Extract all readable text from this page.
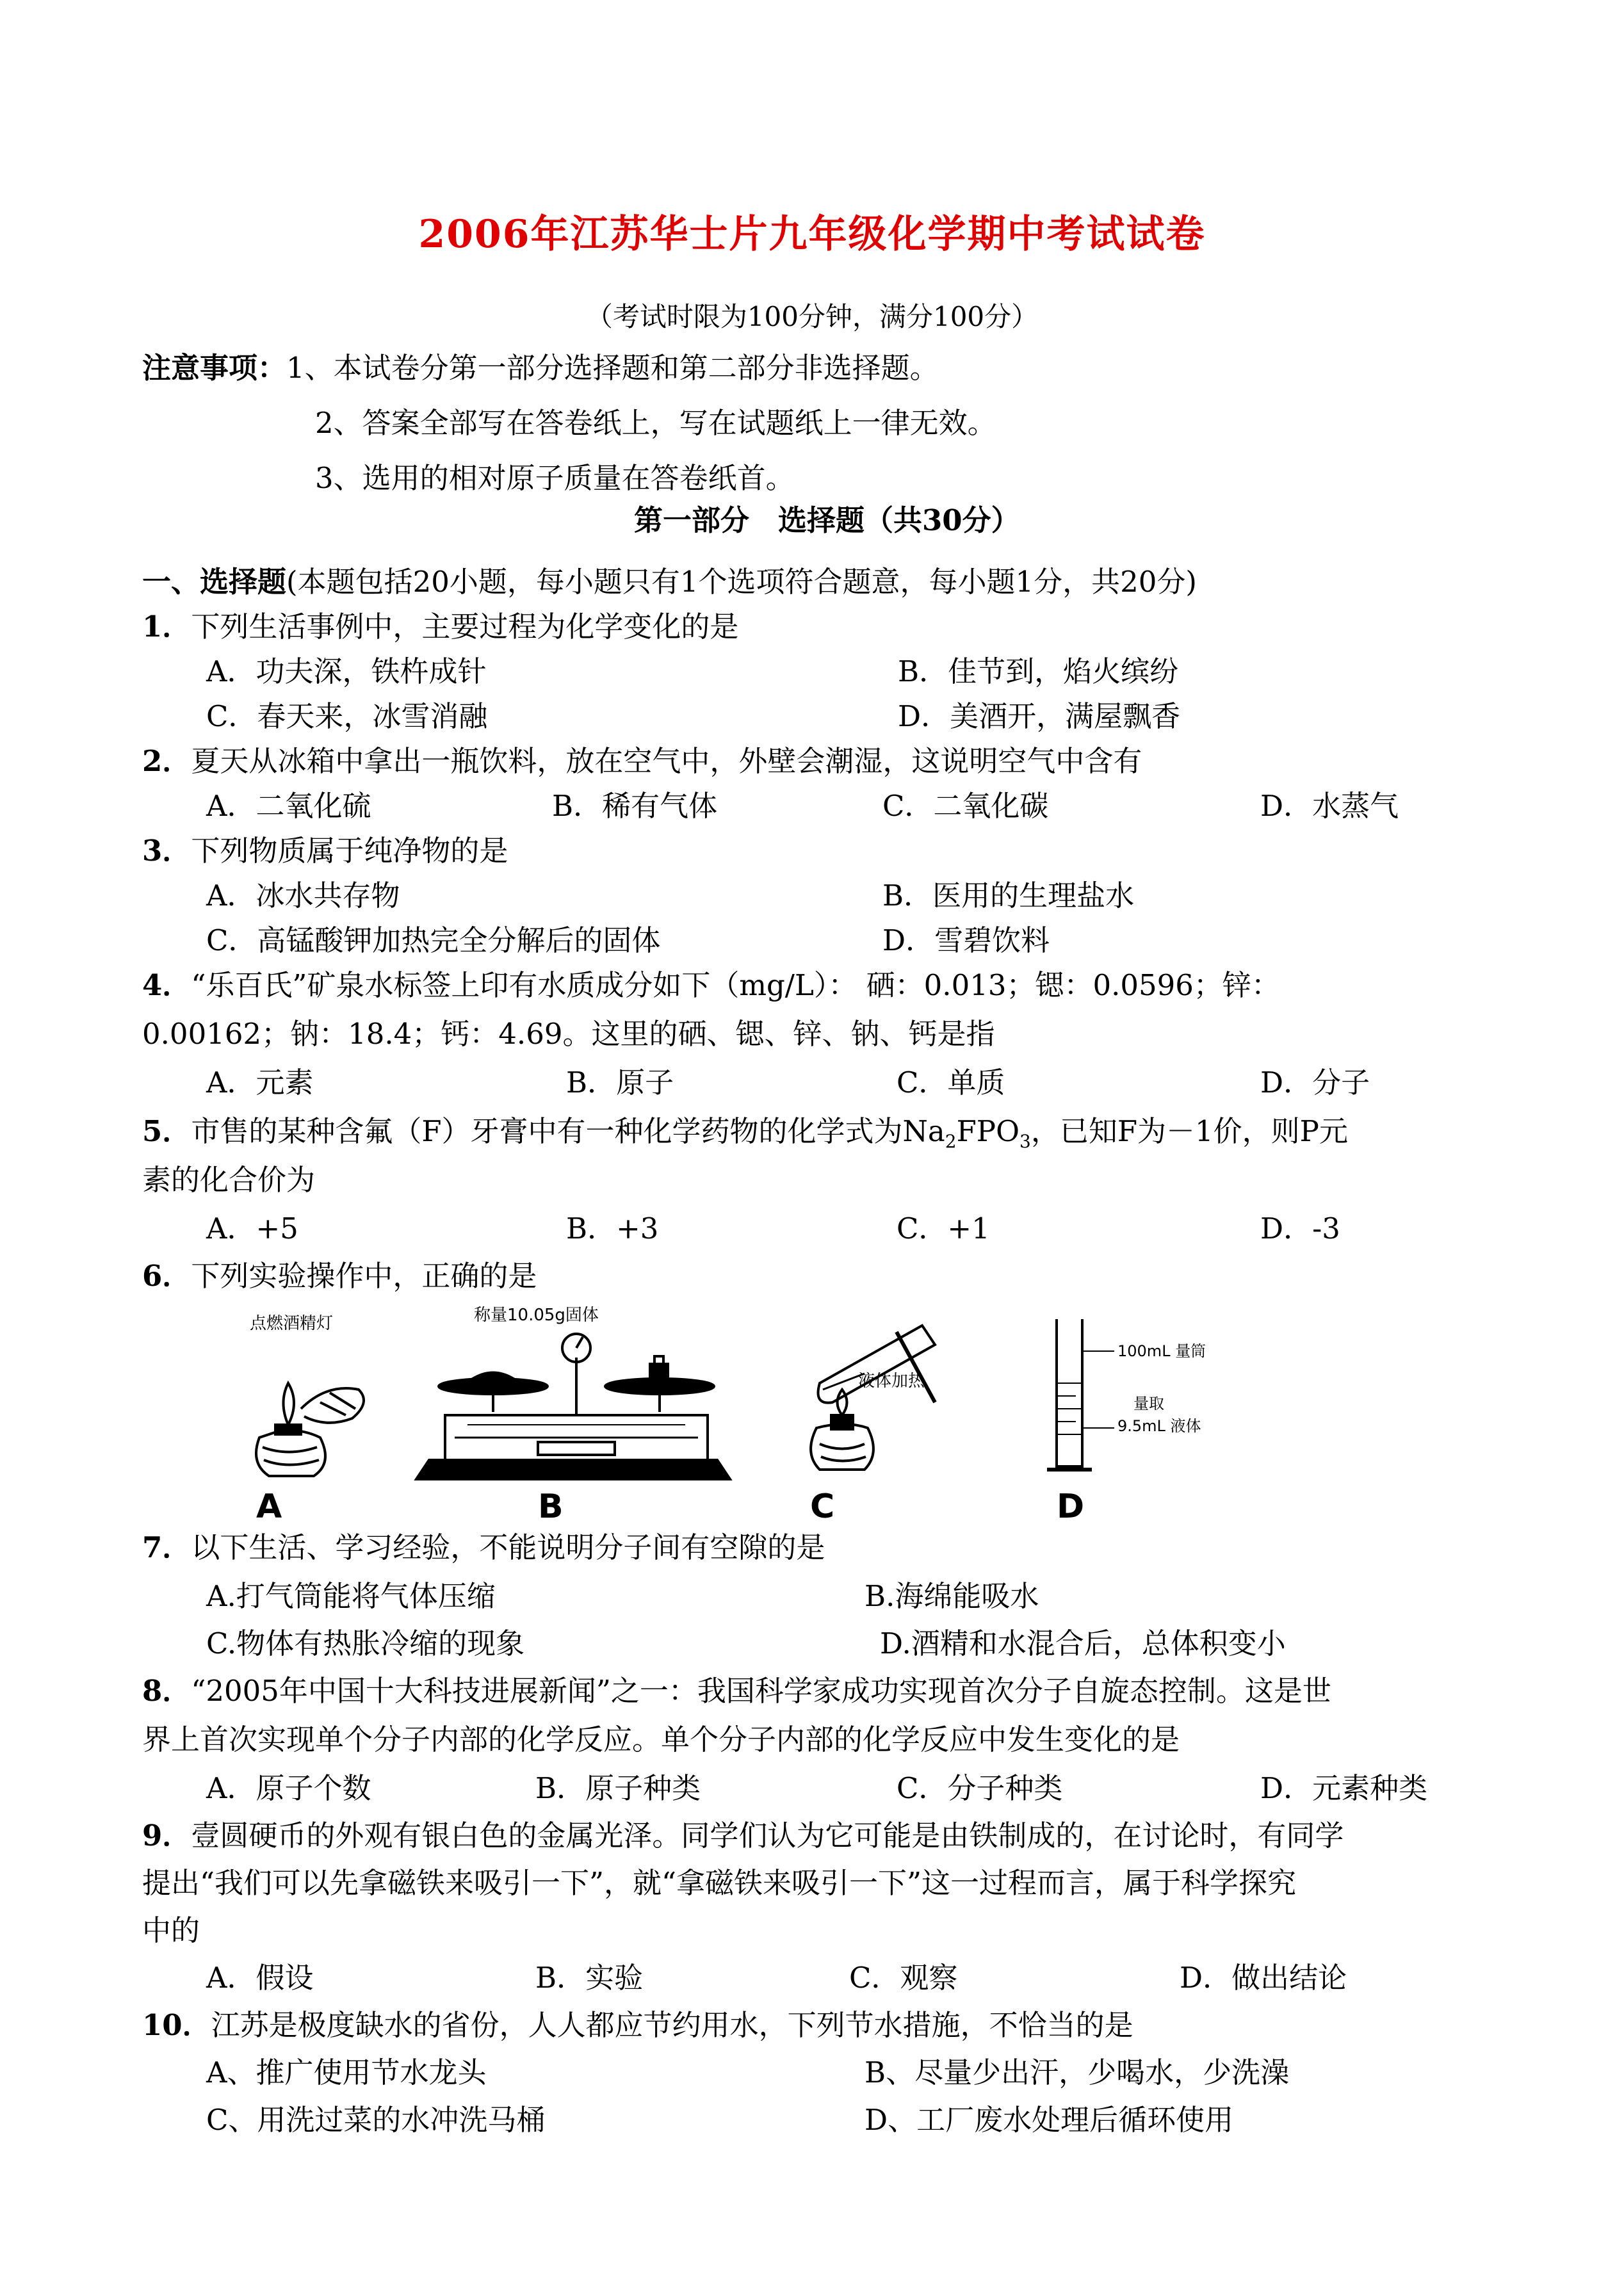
2006年江苏华士片九年级化学期中考试试卷
（考试时限为100分钟，满分100分）
注意事项：1、本试卷分第一部分选择题和第二部分非选择题。
2、答案全部写在答卷纸上，写在试题纸上一律无效。
3、选用的相对原子质量在答卷纸首。
第一部分　选择题（共30分）
一、选择题(本题包括20小题，每小题只有1个选项符合题意，每小题1分，共20分)
1．下列生活事例中，主要过程为化学变化的是
A．功夫深，铁杵成针	B．佳节到，焰火缤纷
C．春天来，冰雪消融	D．美酒开，满屋飘香
2．夏天从冰箱中拿出一瓶饮料，放在空气中，外壁会潮湿，这说明空气中含有
A．二氧化硫	B．稀有气体	C．二氧化碳	D．水蒸气
3．下列物质属于纯净物的是
A．冰水共存物	B．医用的生理盐水
C．高锰酸钾加热完全分解后的固体	D．雪碧饮料
4．“乐百氏”矿泉水标签上印有水质成分如下（mg/L）： 硒：0.013；锶：0.0596；锌：
0.00162；钠：18.4；钙：4.69。这里的硒、锶、锌、钠、钙是指
A．元素	B．原子	C．单质	D．分子
5．市售的某种含氟（F）牙膏中有一种化学药物的化学式为$Na_2FPO_3$，已知F为－1价，则P元
素的化合价为
A．+5	B．+3	C．+1	D．-3
6．下列实验操作中，正确的是
点燃酒精灯	称量10.05g固体
液体加热
100mL 量筒
量取
9.5mL 液体
A	B	C	D
7．以下生活、学习经验，不能说明分子间有空隙的是
A.打气筒能将气体压缩	B.海绵能吸水
C.物体有热胀冷缩的现象	D.酒精和水混合后，总体积变小
8．“2005年中国十大科技进展新闻”之一：我国科学家成功实现首次分子自旋态控制。这是世
界上首次实现单个分子内部的化学反应。单个分子内部的化学反应中发生变化的是
A．原子个数	B．原子种类	C．分子种类	D．元素种类
9．壹圆硬币的外观有银白色的金属光泽。同学们认为它可能是由铁制成的，在讨论时，有同学
提出“我们可以先拿磁铁来吸引一下”，就“拿磁铁来吸引一下”这一过程而言，属于科学探究
中的
A．假设	B．实验	C．观察	D．做出结论
10．江苏是极度缺水的省份，人人都应节约用水，下列节水措施，不恰当的是
A、推广使用节水龙头	B、尽量少出汗，少喝水，少洗澡
C、用洗过菜的水冲洗马桶	D、工厂废水处理后循环使用
